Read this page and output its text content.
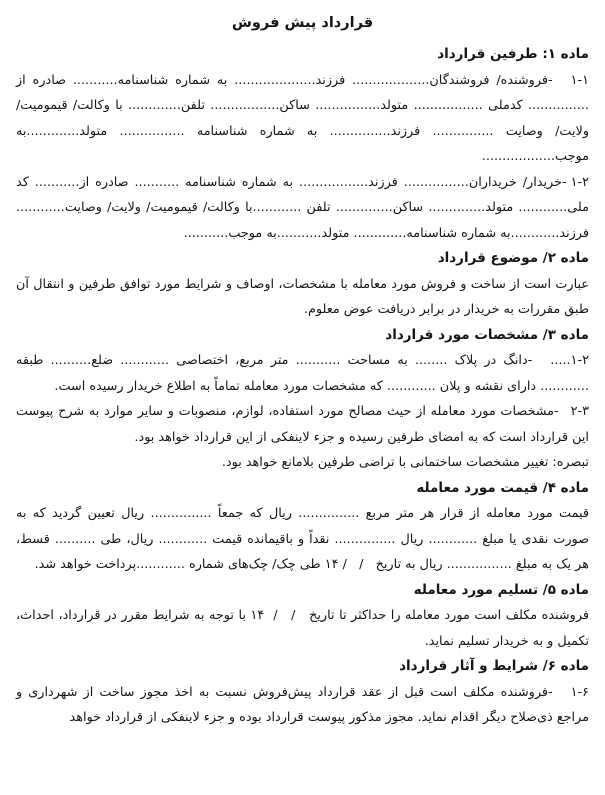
قرارداد پیش فروش
ماده ۱: طرفین قرارداد

۱-۱-فروشنده/ فروشندگان................... فرزند.................... به شماره شناسنامه........... صادره از ............... کدملی ................. متولد................ ساکن................. تلفن............. با وکالت/ قیمومیت/ ولایت/ وصایت ............... فرزند............... به شماره شناسنامه ................ متولد.............به موجب..................

۱-۲-خریدار/ خریداران................ فرزند................. به شماره شناسنامه ........... صادره از........... کد ملی............ متولد.............. ساکن.............. تلفن ............با وکالت/ قیمومیت/ ولایت/ وصایت............ فرزند............به شماره شناسنامه............. متولد...........به موجب...........

ماده ۲/ موضوع قرارداد

عبارت است از ساخت و فروش مورد معامله با مشخصات، اوصاف و شرایط مورد توافق طرفین و انتقال آن طبق مقررات به خریدار در برابر دریافت عوض معلوم.

ماده ۳/ مشخصات مورد قرارداد

۱-۲.....-دانگ در پلاک ........ به مساحت ........... متر مربع، اختصاصی ............ ضلع.......... طبقه ............ دارای نقشه و پلان ............ که مشخصات مورد معامله تماماً به اطلاع خریدار رسیده است.

۲-۳-مشخصات مورد معامله از حیث مصالح مورد استفاده، لوازم، منصوبات و سایر موارد به شرح پیوست این قرارداد است که به امضای طرفین رسیده و جزء لاینفکی از این قرارداد خواهد بود.

تبصره: تغییر مشخصات ساختمانی با تراضی طرفین بلامانع خواهد بود.

ماده ۴/ قیمت مورد معامله

قیمت مورد معامله از قرار هر متر مربع ............... ریال که جمعاً ............... ریال تعیین گردید که به صورت نقدی یا مبلغ ............ ریال ............... نقداً و باقیمانده قیمت ............ ریال، طی .......... قسط، هر یک به مبلغ ................ ریال به تاریخ   /   / ۱۴ طی چک/ چک‌های شماره ............پرداخت خواهد شد.

ماده ۵/ تسلیم مورد معامله

فروشنده مکلف است مورد معامله را حداکثر تا تاریخ   /   /  ۱۴ با توجه به شرایط مقرر در قرارداد، احداث، تکمیل و به خریدار تسلیم نماید.

ماده ۶/ شرایط و آثار قرارداد

۱-۶-فروشنده مکلف است قبل از عقد قرارداد پیش‌فروش نسبت به اخذ مجوز ساخت از شهرداری و مراجع ذی‌صلاح دیگر اقدام نماید. مجوز مذکور پیوست قرارداد بوده و جزء لاینفکی از قرارداد خواهد
